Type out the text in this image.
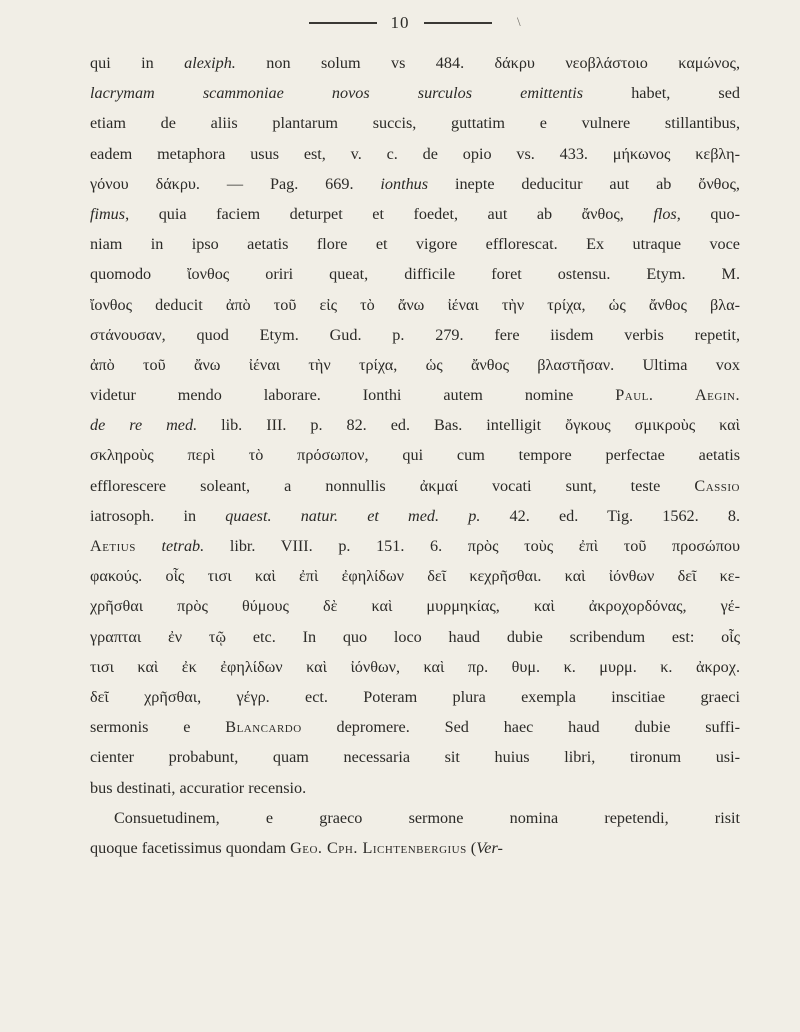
\
10
qui in alexiph. non solum vs 484. δάκρυ νεοβλάστοιο καμώνος,
lacrymam scammoniae novos surculos emittentis habet, sed
etiam de aliis plantarum succis, guttatim e vulnere stillantibus,
eadem metaphora usus est, v. c. de opio vs. 433. μήκωνος κεβλη-
γόνου δάκρυ. — Pag. 669. ionthus inepte deducitur aut ab ὄνθος,
fimus, quia faciem deturpet et foedet, aut ab ἄνθος, flos, quo-
niam in ipso aetatis flore et vigore efflorescat. Ex utraque voce
quomodo ἴονθος oriri queat, difficile foret ostensu. Etym. M.
ἴονθος deducit ἀπὸ τοῦ εἰς τὸ ἄνω ἰέναι τὴν τρίχα, ὡς ἄνθος βλα-
στάνουσαν, quod Etym. Gud. p. 279. fere iisdem verbis repetit,
ἀπὸ τοῦ ἄνω ἰέναι τὴν τρίχα, ὡς ἄνθος βλαστῆσαν. Ultima vox
videtur mendo laborare. Ionthi autem nomine Paul. Aegin.
de re med. lib. III. p. 82. ed. Bas. intelligit ὄγκους σμικροὺς καὶ
σκληροὺς περὶ τὸ πρόσωπον, qui cum tempore perfectae aetatis
efflorescere soleant, a nonnullis ἀκμαί vocati sunt, teste Cassio
iatrosoph. in quaest. natur. et med. p. 42. ed. Tig. 1562. 8.
Aetius tetrab. libr. VIII. p. 151. 6. πρὸς τοὺς ἐπὶ τοῦ προσώπου
φακούς. οἷς τισι καὶ ἐπὶ ἐφηλίδων δεῖ κεχρῆσθαι. καὶ ἰόνθων δεῖ κε-
χρῆσθαι πρὸς θύμους δὲ καὶ μυρμηκίας, καὶ ἀκροχορδόνας, γέ-
γραπται ἐν τῷ etc. In quo loco haud dubie scribendum est: οἷς
τισι καὶ ἐκ ἐφηλίδων καὶ ἰόνθων, καὶ πρ. θυμ. κ. μυρμ. κ. ἀκροχ.
δεῖ χρῆσθαι, γέγρ. ect. Poteram plura exempla inscitiae graeci
sermonis e Blancardo depromere. Sed haec haud dubie suffi-
cienter probabunt, quam necessaria sit huius libri, tironum usi-
bus destinati, accuratior recensio.
Consuetudinem, e graeco sermone nomina repetendi, risit
quoque facetissimus quondam Geo. Cph. Lichtenbergius (Ver-
